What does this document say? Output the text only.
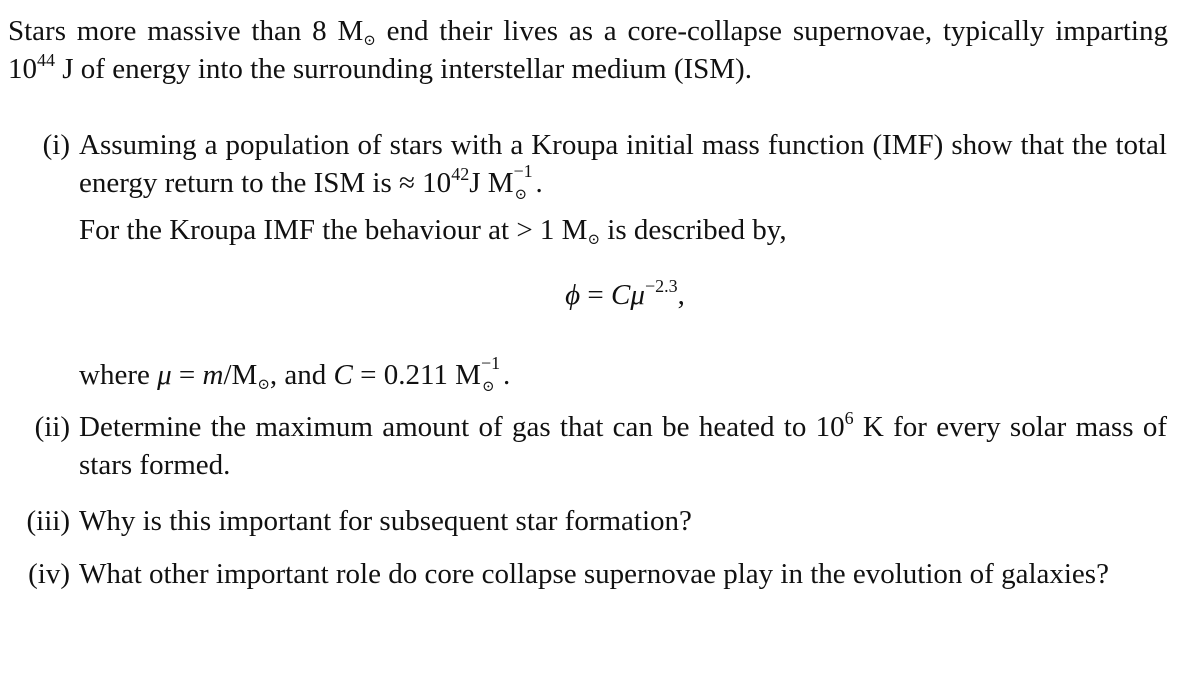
Stars more massive than 8 M⊙ end their lives as a core-collapse supernovae, typically imparting $10^{44}$ J of energy into the surrounding interstellar medium (ISM).
(i) Assuming a population of stars with a Kroupa initial mass function (IMF) show that the total energy return to the ISM is ≈ $10^{42}J$ M −1
⊙ .
For the Kroupa IMF the behaviour at > 1 M⊙ is described by,
$\phi = C\mu^{-2.3}$,
where μ = m/M⊙, and C = 0.211 M −1
⊙ .
(ii) Determine the maximum amount of gas that can be heated to $10^6$ K for every solar mass of stars formed.
(iii) Why is this important for subsequent star formation?
(iv) What other important role do core collapse supernovae play in the evolution of galaxies?
